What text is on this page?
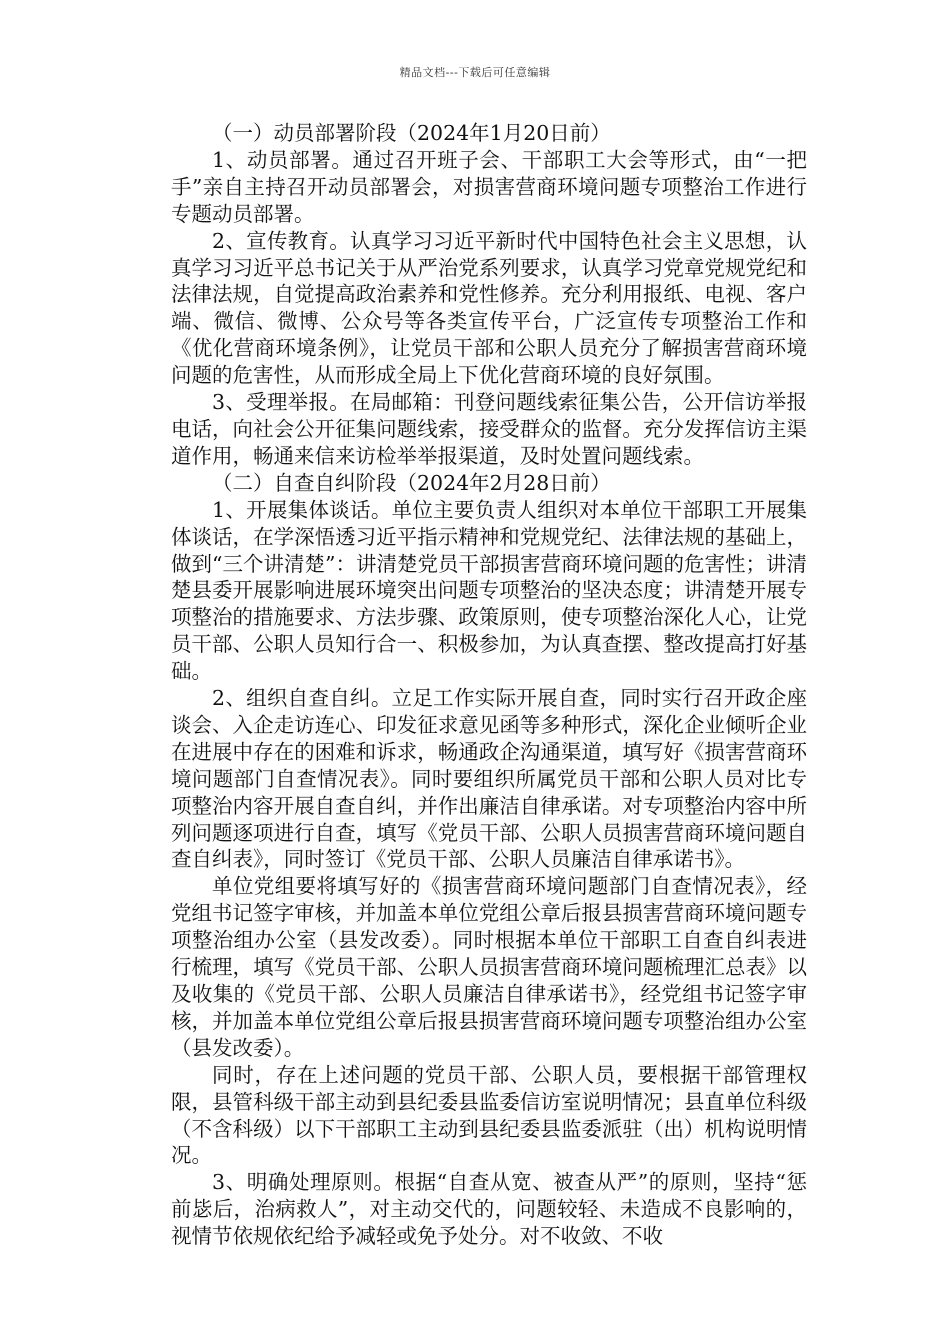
精品文档---下载后可任意编辑

（一）动员部署阶段（2024年1月20日前）

1、动员部署。通过召开班子会、干部职工大会等形式，由“一把手”亲自主持召开动员部署会，对损害营商环境问题专项整治工作进行专题动员部署。

2、宣传教育。认真学习习近平新时代中国特色社会主义思想，认真学习习近平总书记关于从严治党系列要求，认真学习党章党规党纪和法律法规，自觉提高政治素养和党性修养。充分利用报纸、电视、客户端、微信、微博、公众号等各类宣传平台，广泛宣传专项整治工作和《优化营商环境条例》，让党员干部和公职人员充分了解损害营商环境问题的危害性，从而形成全局上下优化营商环境的良好氛围。

3、受理举报。在局邮箱：刊登问题线索征集公告，公开信访举报电话，向社会公开征集问题线索，接受群众的监督。充分发挥信访主渠道作用，畅通来信来访检举举报渠道，及时处置问题线索。

（二）自查自纠阶段（2024年2月28日前）

1、开展集体谈话。单位主要负责人组织对本单位干部职工开展集体谈话，在学深悟透习近平指示精神和党规党纪、法律法规的基础上，做到“三个讲清楚”：讲清楚党员干部损害营商环境问题的危害性；讲清楚县委开展影响进展环境突出问题专项整治的坚决态度；讲清楚开展专项整治的措施要求、方法步骤、政策原则，使专项整治深化人心，让党员干部、公职人员知行合一、积极参加，为认真查摆、整改提高打好基础。

2、组织自查自纠。立足工作实际开展自查，同时实行召开政企座谈会、入企走访连心、印发征求意见函等多种形式，深化企业倾听企业在进展中存在的困难和诉求，畅通政企沟通渠道，填写好《损害营商环境问题部门自查情况表》。同时要组织所属党员干部和公职人员对比专项整治内容开展自查自纠，并作出廉洁自律承诺。对专项整治内容中所列问题逐项进行自查，填写《党员干部、公职人员损害营商环境问题自查自纠表》，同时签订《党员干部、公职人员廉洁自律承诺书》。

单位党组要将填写好的《损害营商环境问题部门自查情况表》，经党组书记签字审核，并加盖本单位党组公章后报县损害营商环境问题专项整治组办公室（县发改委）。同时根据本单位干部职工自查自纠表进行梳理，填写《党员干部、公职人员损害营商环境问题梳理汇总表》以及收集的《党员干部、公职人员廉洁自律承诺书》，经党组书记签字审核，并加盖本单位党组公章后报县损害营商环境问题专项整治组办公室（县发改委）。

同时，存在上述问题的党员干部、公职人员，要根据干部管理权限，县管科级干部主动到县纪委县监委信访室说明情况；县直单位科级（不含科级）以下干部职工主动到县纪委县监委派驻（出）机构说明情况。

3、明确处理原则。根据“自查从宽、被查从严”的原则，坚持“惩前毖后，治病救人”，对主动交代的，问题较轻、未造成不良影响的，视情节依规依纪给予减轻或免予处分。对不收敛、不收
